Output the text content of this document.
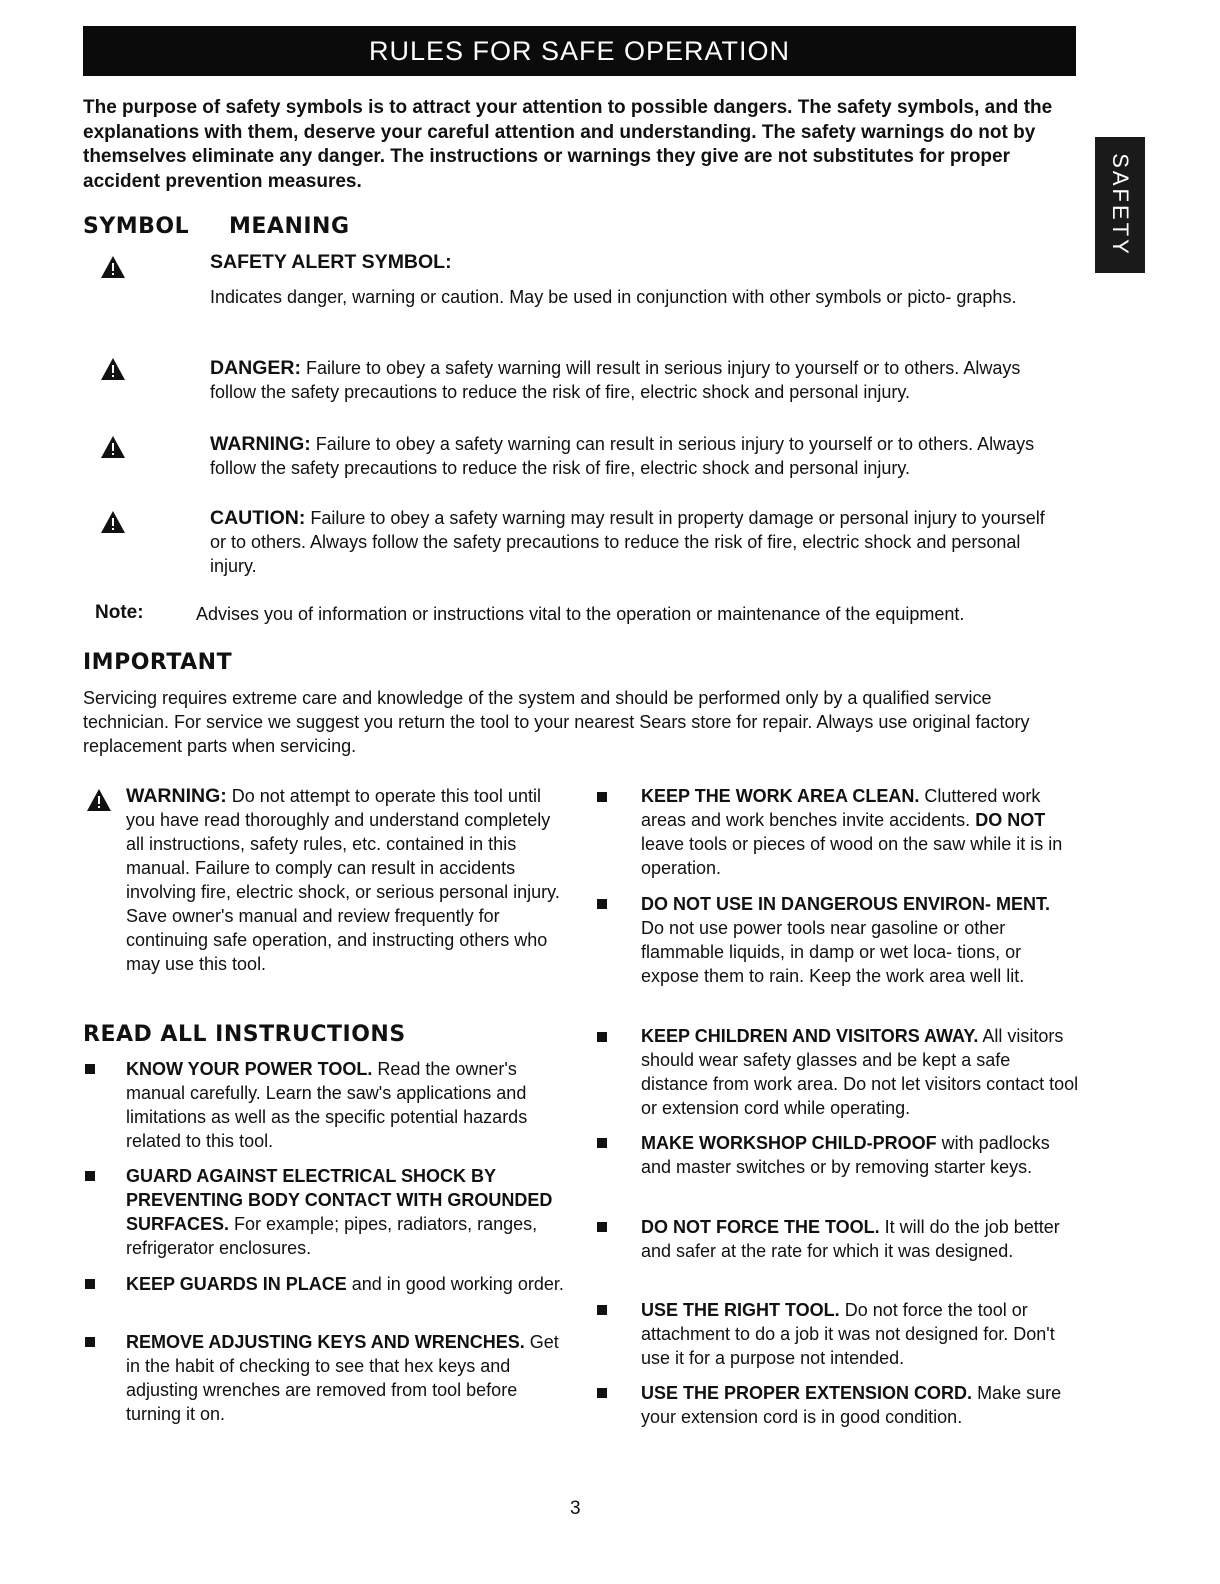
RULES FOR SAFE OPERATION
SAFETY
The purpose of safety symbols is to attract your attention to possible dangers. The safety symbols, and the explanations with them, deserve your careful attention and understanding. The safety warnings do not by themselves eliminate any danger. The instructions or warnings they give are not substitutes for proper accident prevention measures.
SYMBOL MEANING
SAFETY ALERT SYMBOL:
Indicates danger, warning or caution. May be used in conjunction with other symbols or picto- graphs.
DANGER: Failure to obey a safety warning will result in serious injury to yourself or to others. Always follow the safety precautions to reduce the risk of fire, electric shock and personal injury.
WARNING: Failure to obey a safety warning can result in serious injury to yourself or to others. Always follow the safety precautions to reduce the risk of fire, electric shock and personal injury.
CAUTION: Failure to obey a safety warning may result in property damage or personal injury to yourself or to others. Always follow the safety precautions to reduce the risk of fire, electric shock and personal injury.
Note:	Advises you of information or instructions vital to the operation or maintenance of the equipment.
IMPORTANT
Servicing requires extreme care and knowledge of the system and should be performed only by a qualified service technician. For service we suggest you return the tool to your nearest Sears store for repair. Always use original factory replacement parts when servicing.
WARNING: Do not attempt to operate this tool until you have read thoroughly and understand completely all instructions, safety rules, etc. contained in this manual. Failure to comply can result in accidents involving fire, electric shock, or serious personal injury. Save owner's manual and review frequently for continuing safe operation, and instructing others who may use this tool.
READ ALL INSTRUCTIONS
KNOW YOUR POWER TOOL. Read the owner's manual carefully. Learn the saw's applications and limitations as well as the specific potential hazards related to this tool.
GUARD AGAINST ELECTRICAL SHOCK BY PREVENTING BODY CONTACT WITH GROUNDED SURFACES. For example; pipes, radiators, ranges, refrigerator enclosures.
KEEP GUARDS IN PLACE and in good working order.
REMOVE ADJUSTING KEYS AND WRENCHES. Get in the habit of checking to see that hex keys and adjusting wrenches are removed from tool before turning it on.
KEEP THE WORK AREA CLEAN. Cluttered work areas and work benches invite accidents. DO NOT leave tools or pieces of wood on the saw while it is in operation.
DO NOT USE IN DANGEROUS ENVIRON- MENT. Do not use power tools near gasoline or other flammable liquids, in damp or wet loca- tions, or expose them to rain. Keep the work area well lit.
KEEP CHILDREN AND VISITORS AWAY. All visitors should wear safety glasses and be kept a safe distance from work area. Do not let visitors contact tool or extension cord while operating.
MAKE WORKSHOP CHILD-PROOF with padlocks and master switches or by removing starter keys.
DO NOT FORCE THE TOOL. It will do the job better and safer at the rate for which it was designed.
USE THE RIGHT TOOL. Do not force the tool or attachment to do a job it was not designed for. Don't use it for a purpose not intended.
USE THE PROPER EXTENSION CORD. Make sure your extension cord is in good condition.
3
